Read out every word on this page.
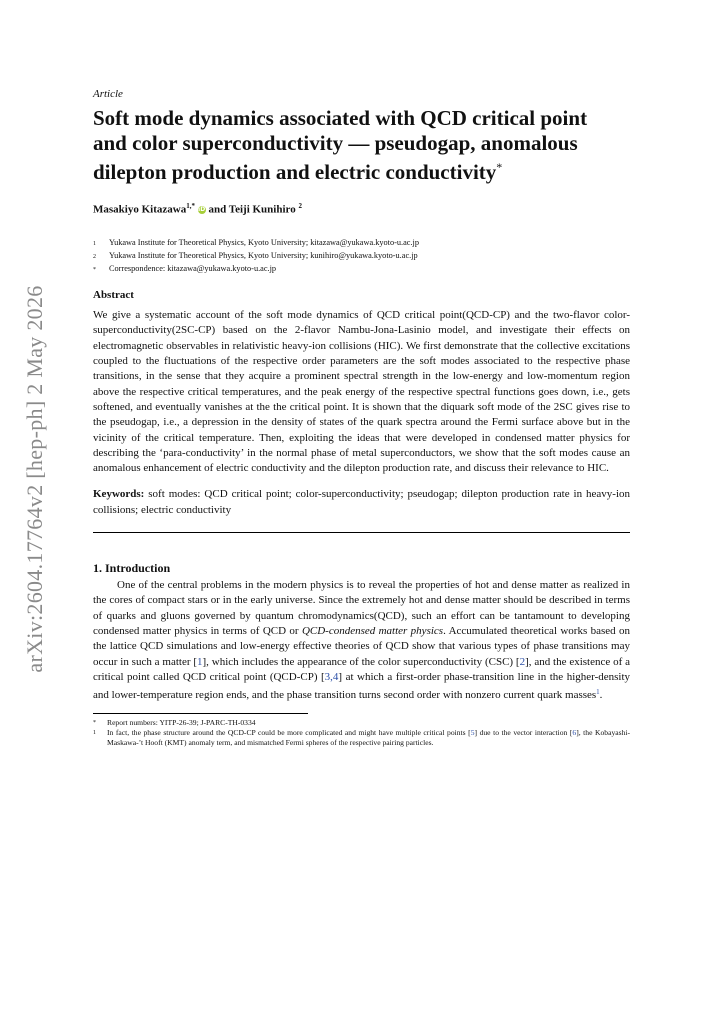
arXiv:2604.17764v2 [hep-ph] 2 May 2026
Article
Soft mode dynamics associated with QCD critical point and color superconductivity — pseudogap, anomalous dilepton production and electric conductivity*
Masakiyo Kitazawa$^{1,*}$ iD and Teiji Kunihiro $^2$
1	Yukawa Institute for Theoretical Physics, Kyoto University; kitazawa@yukawa.kyoto-u.ac.jp
2	Yukawa Institute for Theoretical Physics, Kyoto University; kunihiro@yukawa.kyoto-u.ac.jp
*	Correspondence: kitazawa@yukawa.kyoto-u.ac.jp
Abstract
We give a systematic account of the soft mode dynamics of QCD critical point(QCD-CP) and the two-flavor color-superconductivity(2SC-CP) based on the 2-flavor Nambu-Jona-Lasinio model, and investigate their effects on electromagnetic observables in relativistic heavy-ion collisions (HIC). We first demonstrate that the collective excitations coupled to the fluctuations of the respective order parameters are the soft modes associated to the respective phase transitions, in the sense that they acquire a prominent spectral strength in the low-energy and low-momentum region above the respective critical temperatures, and the peak energy of the respective spectral functions goes down, i.e., gets softened, and eventually vanishes at the the critical point. It is shown that the diquark soft mode of the 2SC gives rise to the pseudogap, i.e., a depression in the density of states of the quark spectra around the Fermi surface above but in the vicinity of the critical temperature. Then, exploiting the ideas that were developed in condensed matter physics for describing the ‘para-conductivity’ in the normal phase of metal superconductors, we show that the soft modes cause an anomalous enhancement of electric conductivity and the dilepton production rate, and discuss their relevance to HIC.
Keywords: soft modes: QCD critical point; color-superconductivity; pseudogap; dilepton production rate in heavy-ion collisions; electric conductivity
1. Introduction
One of the central problems in the modern physics is to reveal the properties of hot and dense matter as realized in the cores of compact stars or in the early universe. Since the extremely hot and dense matter should be described in terms of quarks and gluons governed by quantum chromodynamics(QCD), such an effort can be tantamount to developing condensed matter physics in terms of QCD or QCD-condensed matter physics. Accumulated theoretical works based on the lattice QCD simulations and low-energy effective theories of QCD show that various types of phase transitions may occur in such a matter [1], which includes the appearance of the color superconductivity (CSC) [2], and the existence of a critical point called QCD critical point (QCD-CP) [3,4] at which a first-order phase-transition line in the higher-density and lower-temperature region ends, and the phase transition turns second order with nonzero current quark masses$^1$.
*	Report numbers: YITP-26-39; J-PARC-TH-0334
1	In fact, the phase structure around the QCD-CP could be more complicated and might have multiple critical points [5] due to the vector interaction [6], the Kobayashi-Maskawa-’t Hooft (KMT) anomaly term, and mismatched Fermi spheres of the respective pairing particles.
